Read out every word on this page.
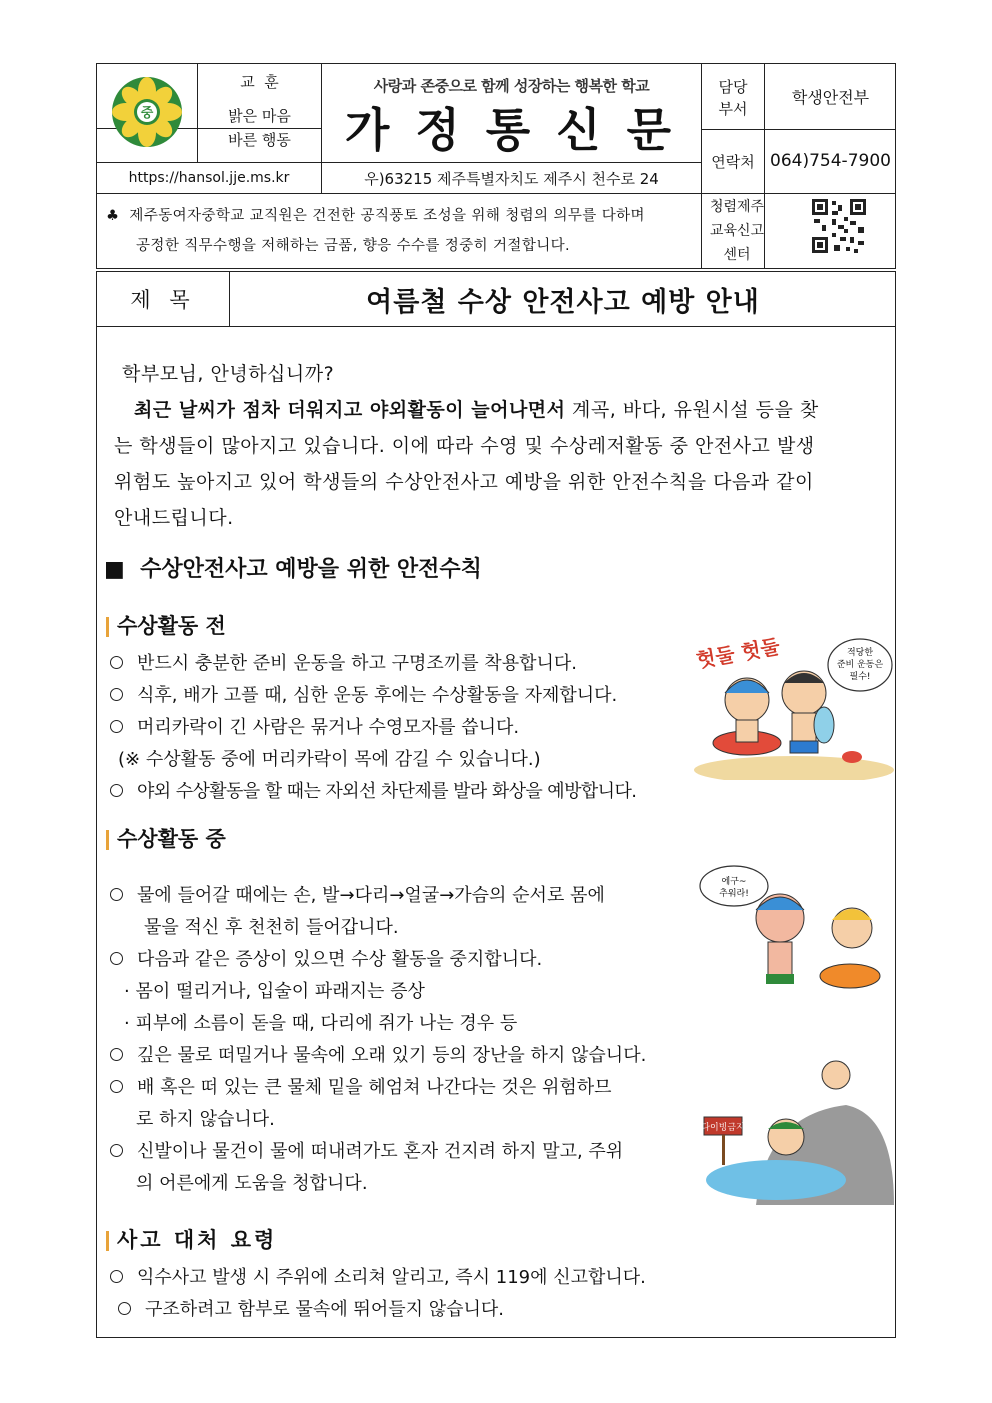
중
교  훈
밝은 마음
바른 행동
https://hansol.jje.ms.kr
사랑과 존중으로 함께 성장하는 행복한 학교
가정통신문
우)63215 제주특별자치도 제주시 천수로 24
담당
부서
학생안전부
연락처 064)754-7900
♣  제주동여자중학교 교직원은 건전한 공직풍토 조성을 위해 청렴의 의무를 다하며
공정한 직무수행을 저해하는 금품, 향응 수수를 정중히 거절합니다.
청렴제주
교육신고
센터
제 목	여름철 수상 안전사고 예방 안내
학부모님, 안녕하십니까?
최근 날씨가 점차 더워지고 야외활동이 늘어나면서 계곡, 바다, 유원시설 등을 찾
는 학생들이 많아지고 있습니다. 이에 따라 수영 및 수상레저활동 중 안전사고 발생
위험도 높아지고 있어 학생들의 수상안전사고 예방을 위한 안전수칙을 다음과 같이
안내드립니다.
■  수상안전사고 예방을 위한 안전수칙
수상활동 전
반드시 충분한 준비 운동을 하고 구명조끼를 착용합니다.
식후, 배가 고플 때, 심한 운동 후에는 수상활동을 자제합니다.
머리카락이 긴 사람은 묶거나 수영모자를 씁니다.
(※ 수상활동 중에 머리카락이 목에 감길 수 있습니다.)
야외 수상활동을 할 때는 자외선 차단제를 발라 화상을 예방합니다.
헛둘 헛둘	적당한
준비 운동은
필수!
수상활동 중
물에 들어갈 때에는 손, 발→다리→얼굴→가슴의 순서로 몸에
물을 적신 후 천천히 들어갑니다.
다음과 같은 증상이 있으면 수상 활동을 중지합니다.
· 몸이 떨리거나, 입술이 파래지는 증상
· 피부에 소름이 돋을 때, 다리에 쥐가 나는 경우 등
깊은 물로 떠밀거나 물속에 오래 있기 등의 장난을 하지 않습니다.
배 혹은 떠 있는 큰 물체 밑을 헤엄쳐 나간다는 것은 위험하므
로 하지 않습니다.
신발이나 물건이 물에 떠내려가도 혼자 건지려 하지 말고, 주위
의 어른에게 도움을 청합니다.
에구~
추워라!
다이빙금지
사고 대처 요령
익수사고 발생 시 주위에 소리쳐 알리고, 즉시 119에 신고합니다.
구조하려고 함부로 물속에 뛰어들지 않습니다.
